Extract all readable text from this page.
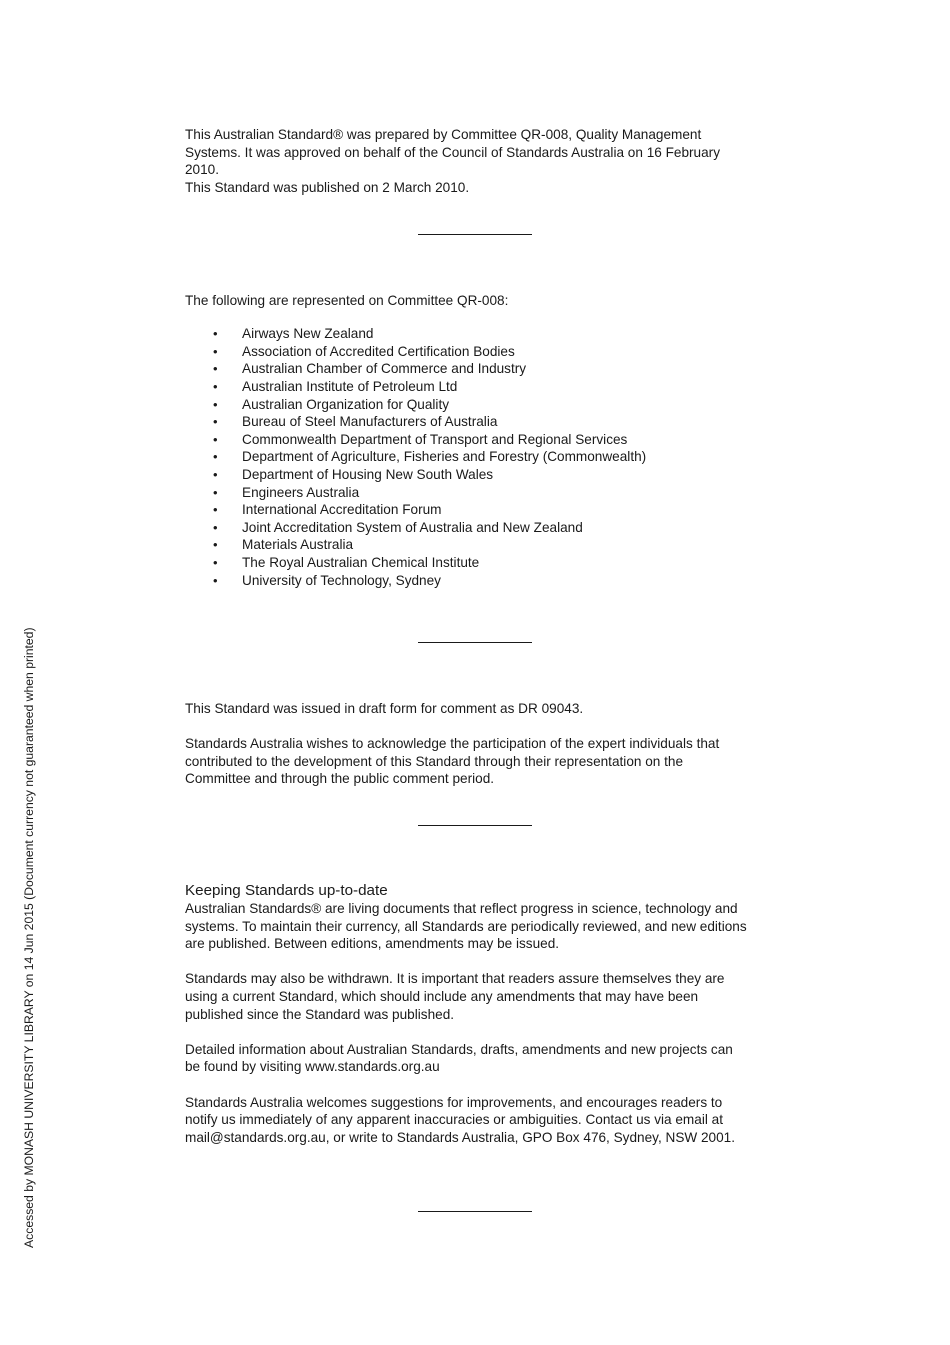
This Australian Standard® was prepared by Committee QR-008, Quality Management

Systems. It was approved on behalf of the Council of Standards Australia on 16 February

2010.

This Standard was published on 2 March 2010.

The following are represented on Committee QR-008:

• Airways New Zealand
• Association of Accredited Certification Bodies
• Australian Chamber of Commerce and Industry
• Australian Institute of Petroleum Ltd
• Australian Organization for Quality
• Bureau of Steel Manufacturers of Australia
• Commonwealth Department of Transport and Regional Services
• Department of Agriculture, Fisheries and Forestry (Commonwealth)
• Department of Housing New South Wales
• Engineers Australia
• International Accreditation Forum
• Joint Accreditation System of Australia and New Zealand
• Materials Australia
• The Royal Australian Chemical Institute
• University of Technology, Sydney

This Standard was issued in draft form for comment as DR 09043.

Standards Australia wishes to acknowledge the participation of the expert individuals that

contributed to the development of this Standard through their representation on the

Committee and through the public comment period.

Keeping Standards up-to-date

Australian Standards® are living documents that reflect progress in science, technology and

systems. To maintain their currency, all Standards are periodically reviewed, and new editions

are published. Between editions, amendments may be issued.

Standards may also be withdrawn. It is important that readers assure themselves they are

using a current Standard, which should include any amendments that may have been

published since the Standard was published.

Detailed information about Australian Standards, drafts, amendments and new projects can

be found by visiting www.standards.org.au

Standards Australia welcomes suggestions for improvements, and encourages readers to

notify us immediately of any apparent inaccuracies or ambiguities. Contact us via email at

mail@standards.org.au, or write to Standards Australia, GPO Box 476, Sydney, NSW 2001.

Accessed by MONASH UNIVERSITY LIBRARY on 14 Jun 2015 (Document currency not guaranteed when printed)
